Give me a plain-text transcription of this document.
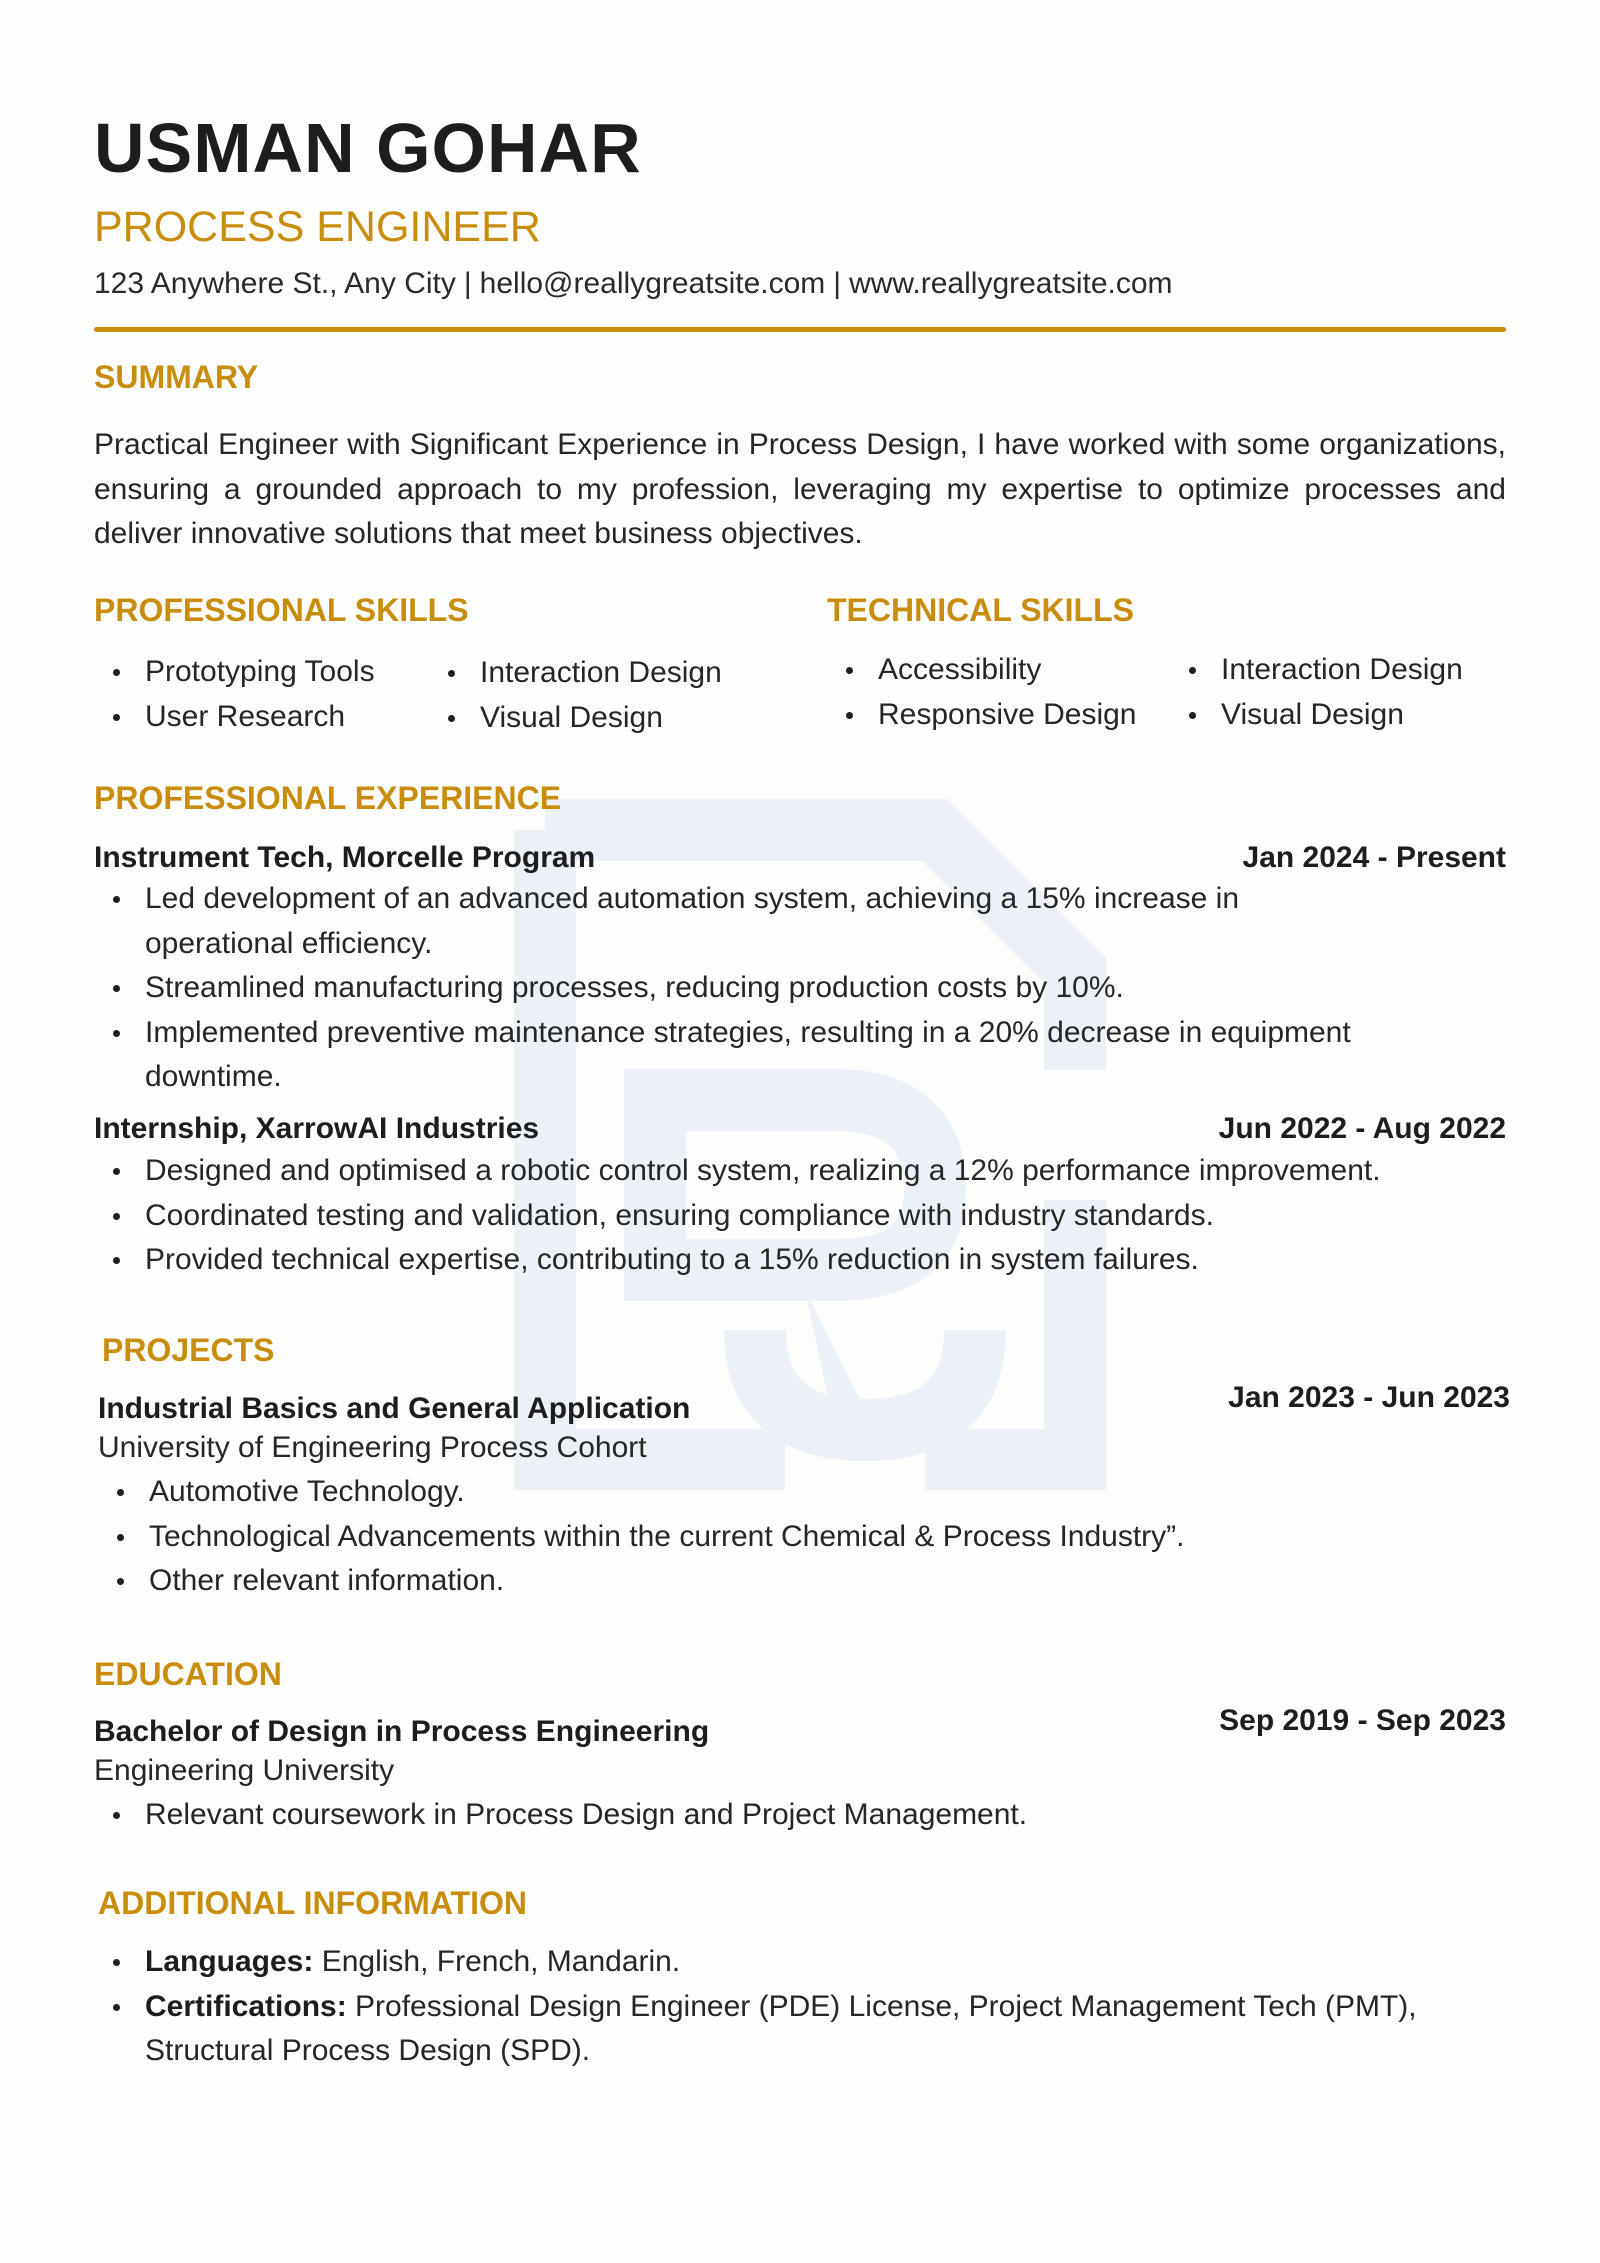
USMAN GOHAR
PROCESS ENGINEER
123 Anywhere St., Any City | hello@reallygreatsite.com | www.reallygreatsite.com
SUMMARY
Practical Engineer with Significant Experience in Process Design, I have worked with some organizations, ensuring a grounded approach to my profession, leveraging my expertise to optimize processes and deliver innovative solutions that meet business objectives.
PROFESSIONAL SKILLS
Prototyping Tools
User Research
Interaction Design
Visual Design
TECHNICAL SKILLS
Accessibility
Responsive Design
Interaction Design
Visual Design
PROFESSIONAL EXPERIENCE
Instrument Tech, Morcelle Program	Jan 2024 - Present
Led development of an advanced automation system, achieving a 15% increase in operational efficiency.
Streamlined manufacturing processes, reducing production costs by 10%.
Implemented preventive maintenance strategies, resulting in a 20% decrease in equipment downtime.
Internship, XarrowAI Industries	Jun 2022 - Aug 2022
Designed and optimised a robotic control system, realizing a 12% performance improvement.
Coordinated testing and validation, ensuring compliance with industry standards.
Provided technical expertise, contributing to a 15% reduction in system failures.
PROJECTS
Industrial Basics and General Application	Jan 2023 - Jun 2023
University of Engineering Process Cohort
Automotive Technology.
Technological Advancements within the current Chemical & Process Industry”.
Other relevant information.
EDUCATION
Bachelor of Design in Process Engineering	Sep 2019 - Sep 2023
Engineering University
Relevant coursework in Process Design and Project Management.
ADDITIONAL INFORMATION
Languages: English, French, Mandarin.
Certifications: Professional Design Engineer (PDE) License, Project Management Tech (PMT), Structural Process Design (SPD).
